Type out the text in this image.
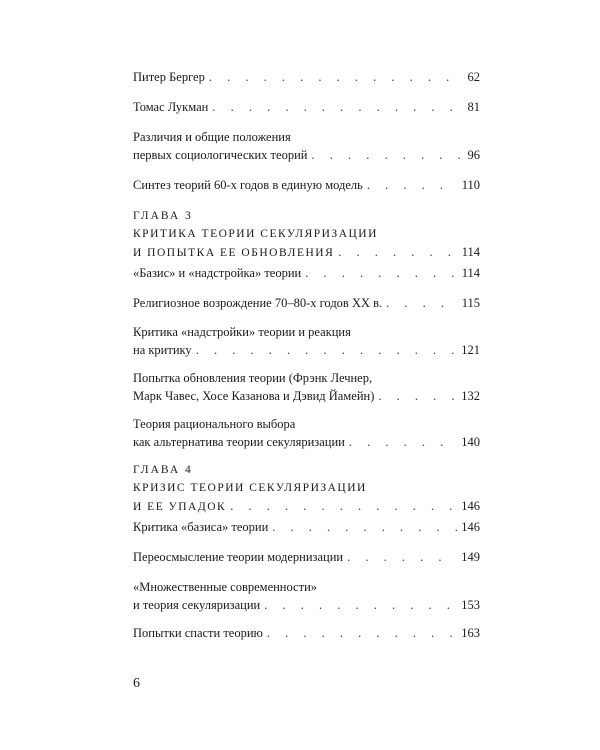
Питер Бергер . . .	62
Томас Лукман . . .	81
Различия и общие положения
первых социологических теорий . . .	96
Синтез теорий 60-х годов в единую модель . . .	110
ГЛАВА 3
КРИТИКА ТЕОРИИ СЕКУЛЯРИЗАЦИИ
И ПОПЫТКА ЕЕ ОБНОВЛЕНИЯ . . .	114
«Базис» и «надстройка» теории . . .	114
Религиозное возрождение 70–80-х годов XX в. . . .	115
Критика «надстройки» теории и реакция
на критику . . .	121
Попытка обновления теории (Фрэнк Лечнер,
Марк Чавес, Хосе Казанова и Дэвид Йамейн) . . .	132
Теория рационального выбора
как альтернатива теории секуляризации . . .	140
ГЛАВА 4
КРИЗИС ТЕОРИИ СЕКУЛЯРИЗАЦИИ
И ЕЕ УПАДОК . . .	146
Критика «базиса» теории . . .	146
Переосмысление теории модернизации . . .	149
«Множественные современности»
и теория секуляризации . . .	153
Попытки спасти теорию . . .	163
6
